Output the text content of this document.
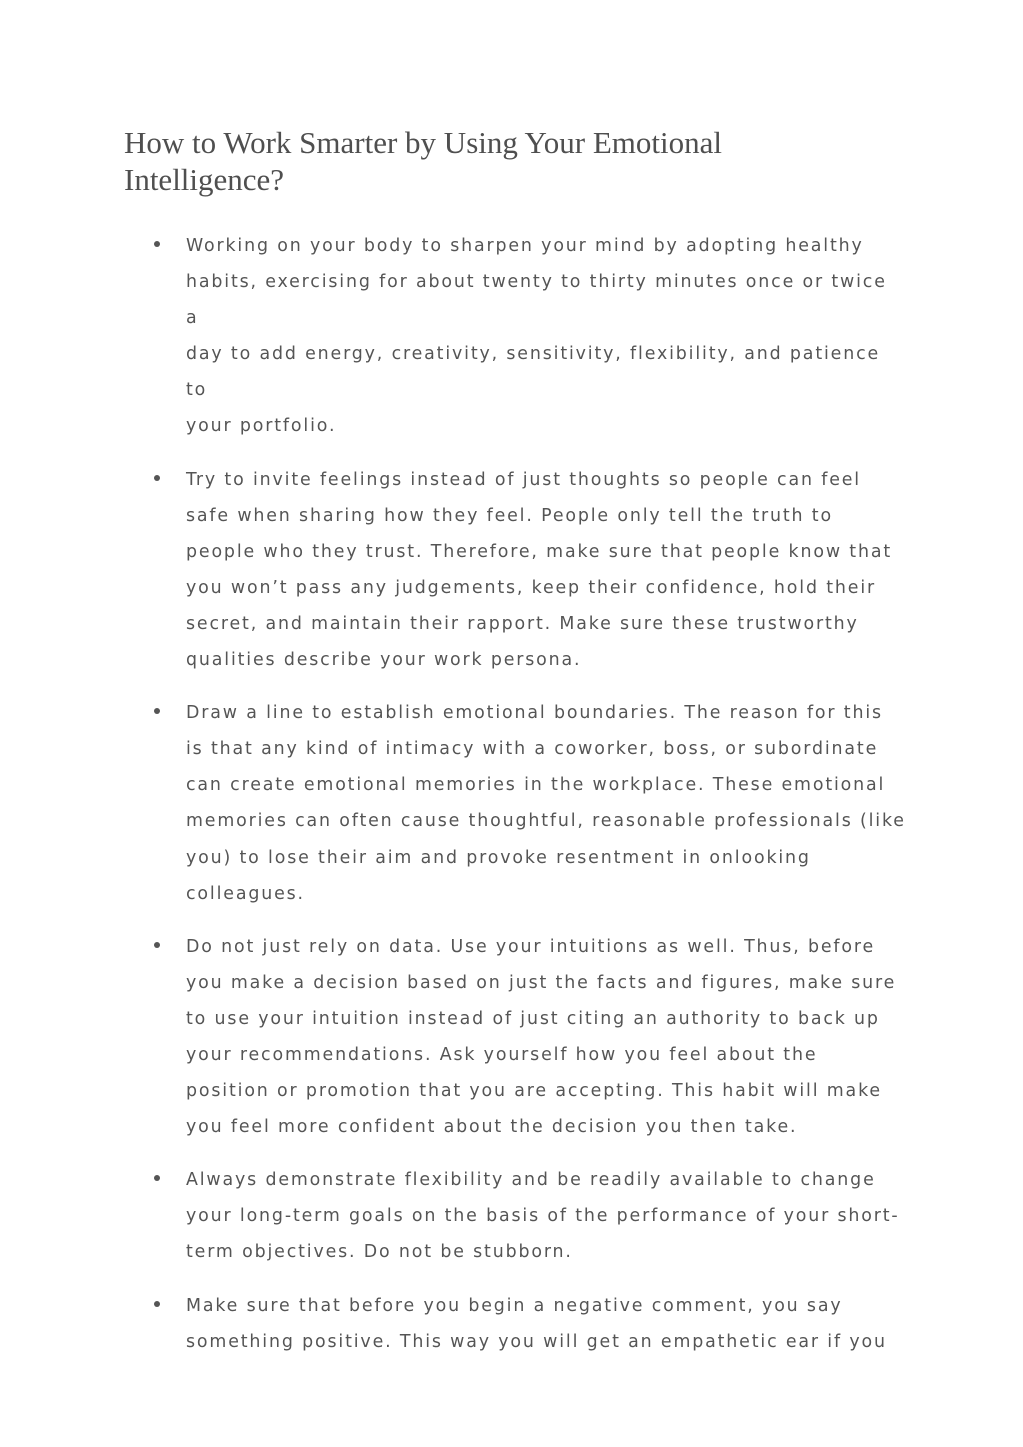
How to Work Smarter by Using Your Emotional Intelligence?
Working on your body to sharpen your mind by adopting healthy
habits, exercising for about twenty to thirty minutes once or twice a
day to add energy, creativity, sensitivity, flexibility, and patience to
your portfolio.
Try to invite feelings instead of just thoughts so people can feel
safe when sharing how they feel. People only tell the truth to
people who they trust. Therefore, make sure that people know that
you won’t pass any judgements, keep their confidence, hold their
secret, and maintain their rapport. Make sure these trustworthy
qualities describe your work persona.
Draw a line to establish emotional boundaries. The reason for this
is that any kind of intimacy with a coworker, boss, or subordinate
can create emotional memories in the workplace. These emotional
memories can often cause thoughtful, reasonable professionals (like
you) to lose their aim and provoke resentment in onlooking
colleagues.
Do not just rely on data. Use your intuitions as well. Thus, before
you make a decision based on just the facts and figures, make sure
to use your intuition instead of just citing an authority to back up
your recommendations. Ask yourself how you feel about the
position or promotion that you are accepting. This habit will make
you feel more confident about the decision you then take.
Always demonstrate flexibility and be readily available to change
your long-term goals on the basis of the performance of your short-
term objectives. Do not be stubborn.
Make sure that before you begin a negative comment, you say
something positive. This way you will get an empathetic ear if you
